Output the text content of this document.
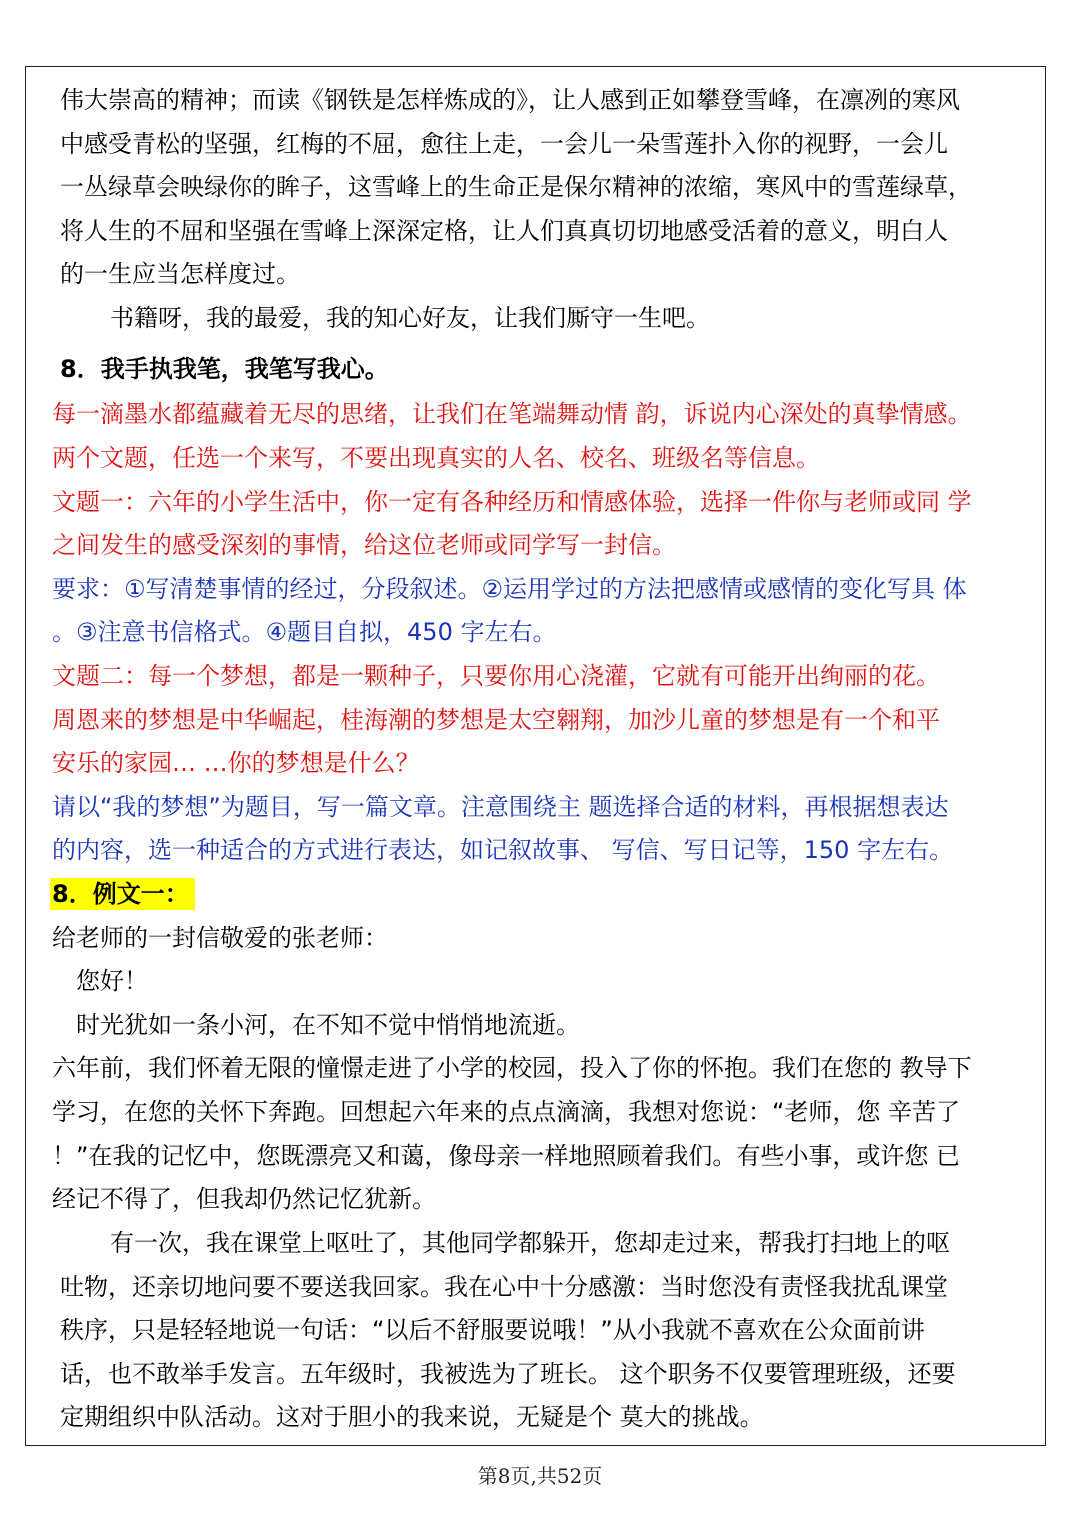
伟大崇高的精神；而读《钢铁是怎样炼成的》，让人感到正如攀登雪峰，在凛冽的寒风
中感受青松的坚强，红梅的不屈，愈往上走，一会儿一朵雪莲扑入你的视野，一会儿
一丛绿草会映绿你的眸子，这雪峰上的生命正是保尔精神的浓缩，寒风中的雪莲绿草，
将人生的不屈和坚强在雪峰上深深定格，让人们真真切切地感受活着的意义，明白人
的一生应当怎样度过。
书籍呀，我的最爱，我的知心好友，让我们厮守一生吧。
8．我手执我笔，我笔写我心。
每一滴墨水都蕴藏着无尽的思绪，让我们在笔端舞动情 韵，诉说内心深处的真挚情感。
两个文题，任选一个来写，不要出现真实的人名、校名、班级名等信息。
文题一：六年的小学生活中，你一定有各种经历和情感体验，选择一件你与老师或同 学
之间发生的感受深刻的事情，给这位老师或同学写一封信。
要求：①写清楚事情的经过，分段叙述。②运用学过的方法把感情或感情的变化写具 体
。③注意书信格式。④题目自拟，450 字左右。
文题二：每一个梦想，都是一颗种子，只要你用心浇灌，它就有可能开出绚丽的花。
周恩来的梦想是中华崛起，桂海潮的梦想是太空翱翔，加沙儿童的梦想是有一个和平
安乐的家园… …你的梦想是什么？
请以“我的梦想”为题目，写一篇文章。注意围绕主 题选择合适的材料，再根据想表达
的内容，选一种适合的方式进行表达，如记叙故事、 写信、写日记等，150 字左右。
8．例文一：
给老师的一封信敬爱的张老师：
您好！
时光犹如一条小河，在不知不觉中悄悄地流逝。
六年前，我们怀着无限的憧憬走进了小学的校园，投入了你的怀抱。我们在您的 教导下
学习，在您的关怀下奔跑。回想起六年来的点点滴滴，我想对您说：“老师，您 辛苦了
！”在我的记忆中，您既漂亮又和蔼，像母亲一样地照顾着我们。有些小事，或许您 已
经记不得了，但我却仍然记忆犹新。
有一次，我在课堂上呕吐了，其他同学都躲开，您却走过来，帮我打扫地上的呕
吐物，还亲切地问要不要送我回家。我在心中十分感激：当时您没有责怪我扰乱课堂
秩序，只是轻轻地说一句话：“以后不舒服要说哦！”从小我就不喜欢在公众面前讲
话，也不敢举手发言。五年级时，我被选为了班长。 这个职务不仅要管理班级，还要
定期组织中队活动。这对于胆小的我来说，无疑是个 莫大的挑战。
第8页,共52页
